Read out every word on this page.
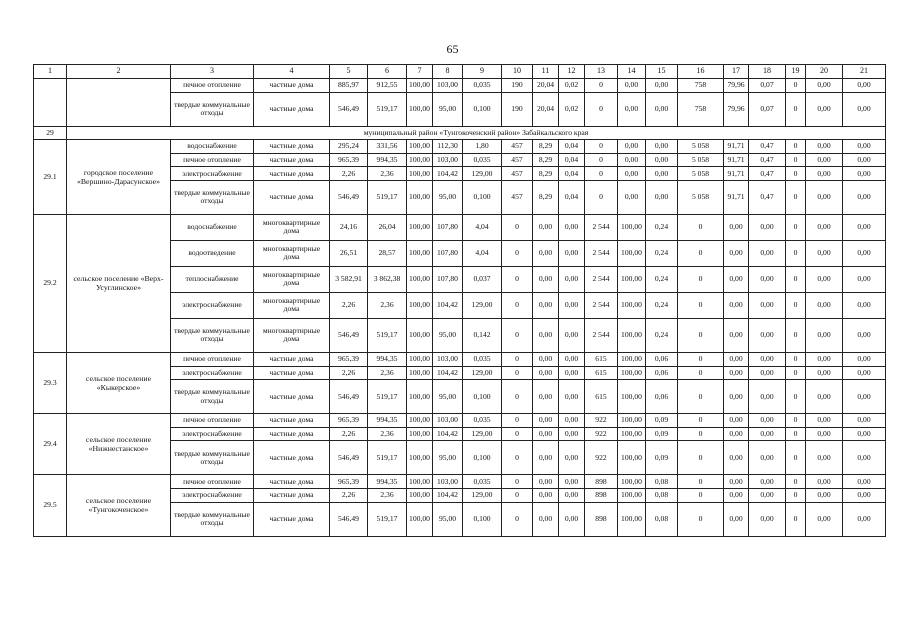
65
1	2	3	4	5	6	7	8	9	10	11	12	13	14	15	16	17	18	19	20	21
		печное отопление	частные дома	885,97	912,55	100,00	103,00	0,035	190	20,04	0,02	0	0,00	0,00	758	79,96	0,07	0	0,00	0,00
		твердые коммунальные отходы	частные дома	546,49	519,17	100,00	95,00	0,100	190	20,04	0,02	0	0,00	0,00	758	79,96	0,07	0	0,00	0,00
29	муниципальный район «Тунгокоченский район» Забайкальского края																			
29.1	городское поселение «Вершино-Дарасунское»	водоснабжение	частные дома	295,24	331,56	100,00	112,30	1,80	457	8,29	0,04	0	0,00	0,00	5 058	91,71	0,47	0	0,00	0,00
		печное отопление	частные дома	965,39	994,35	100,00	103,00	0,035	457	8,29	0,04	0	0,00	0,00	5 058	91,71	0,47	0	0,00	0,00
		электроснабжение	частные дома	2,26	2,36	100,00	104,42	129,00	457	8,29	0,04	0	0,00	0,00	5 058	91,71	0,47	0	0,00	0,00
		твердые коммунальные отходы	частные дома	546,49	519,17	100,00	95,00	0,100	457	8,29	0,04	0	0,00	0,00	5 058	91,71	0,47	0	0,00	0,00
29.2	сельское поселение «Верх-Усуглинское»	водоснабжение	многоквартирные дома	24,16	26,04	100,00	107,80	4,04	0	0,00	0,00	2 544	100,00	0,24	0	0,00	0,00	0	0,00	0,00
		водоотведение	многоквартирные дома	26,51	28,57	100,00	107,80	4,04	0	0,00	0,00	2 544	100,00	0,24	0	0,00	0,00	0	0,00	0,00
		теплоснабжение	многоквартирные дома	3 582,91	3 862,38	100,00	107,80	0,037	0	0,00	0,00	2 544	100,00	0,24	0	0,00	0,00	0	0,00	0,00
		электроснабжение	многоквартирные дома	2,26	2,36	100,00	104,42	129,00	0	0,00	0,00	2 544	100,00	0,24	0	0,00	0,00	0	0,00	0,00
		твердые коммунальные отходы	многоквартирные дома	546,49	519,17	100,00	95,00	0,142	0	0,00	0,00	2 544	100,00	0,24	0	0,00	0,00	0	0,00	0,00
29.3	сельское поселение «Кыкерское»	печное отопление	частные дома	965,39	994,35	100,00	103,00	0,035	0	0,00	0,00	615	100,00	0,06	0	0,00	0,00	0	0,00	0,00
		электроснабжение	частные дома	2,26	2,36	100,00	104,42	129,00	0	0,00	0,00	615	100,00	0,06	0	0,00	0,00	0	0,00	0,00
		твердые коммунальные отходы	частные дома	546,49	519,17	100,00	95,00	0,100	0	0,00	0,00	615	100,00	0,06	0	0,00	0,00	0	0,00	0,00
29.4	сельское поселение «Нижнестанское»	печное отопление	частные дома	965,39	994,35	100,00	103,00	0,035	0	0,00	0,00	922	100,00	0,09	0	0,00	0,00	0	0,00	0,00
		электроснабжение	частные дома	2,26	2,36	100,00	104,42	129,00	0	0,00	0,00	922	100,00	0,09	0	0,00	0,00	0	0,00	0,00
		твердые коммунальные отходы	частные дома	546,49	519,17	100,00	95,00	0,100	0	0,00	0,00	922	100,00	0,09	0	0,00	0,00	0	0,00	0,00
29.5	сельское поселение «Тунгокоченское»	печное отопление	частные дома	965,39	994,35	100,00	103,00	0,035	0	0,00	0,00	898	100,00	0,08	0	0,00	0,00	0	0,00	0,00
		электроснабжение	частные дома	2,26	2,36	100,00	104,42	129,00	0	0,00	0,00	898	100,00	0,08	0	0,00	0,00	0	0,00	0,00
		твердые коммунальные отходы	частные дома	546,49	519,17	100,00	95,00	0,100	0	0,00	0,00	898	100,00	0,08	0	0,00	0,00	0	0,00	0,00
